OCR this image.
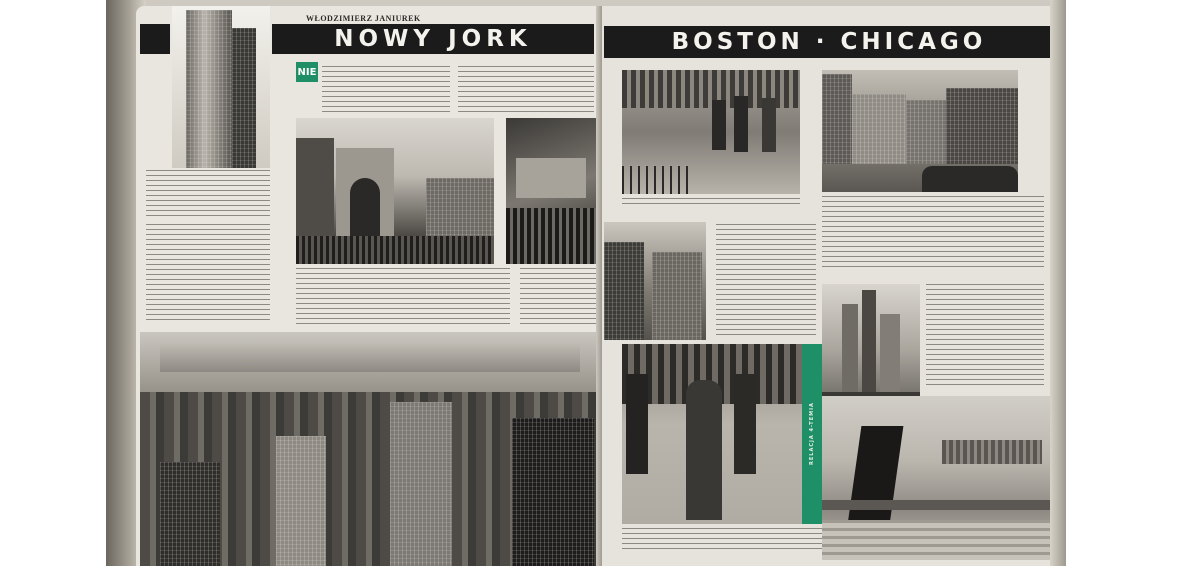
WŁODZIMIERZ JANIUREK
NOWY JORK
NIE
BOSTON · CHICAGO
RELACJA 4-TEMIA
